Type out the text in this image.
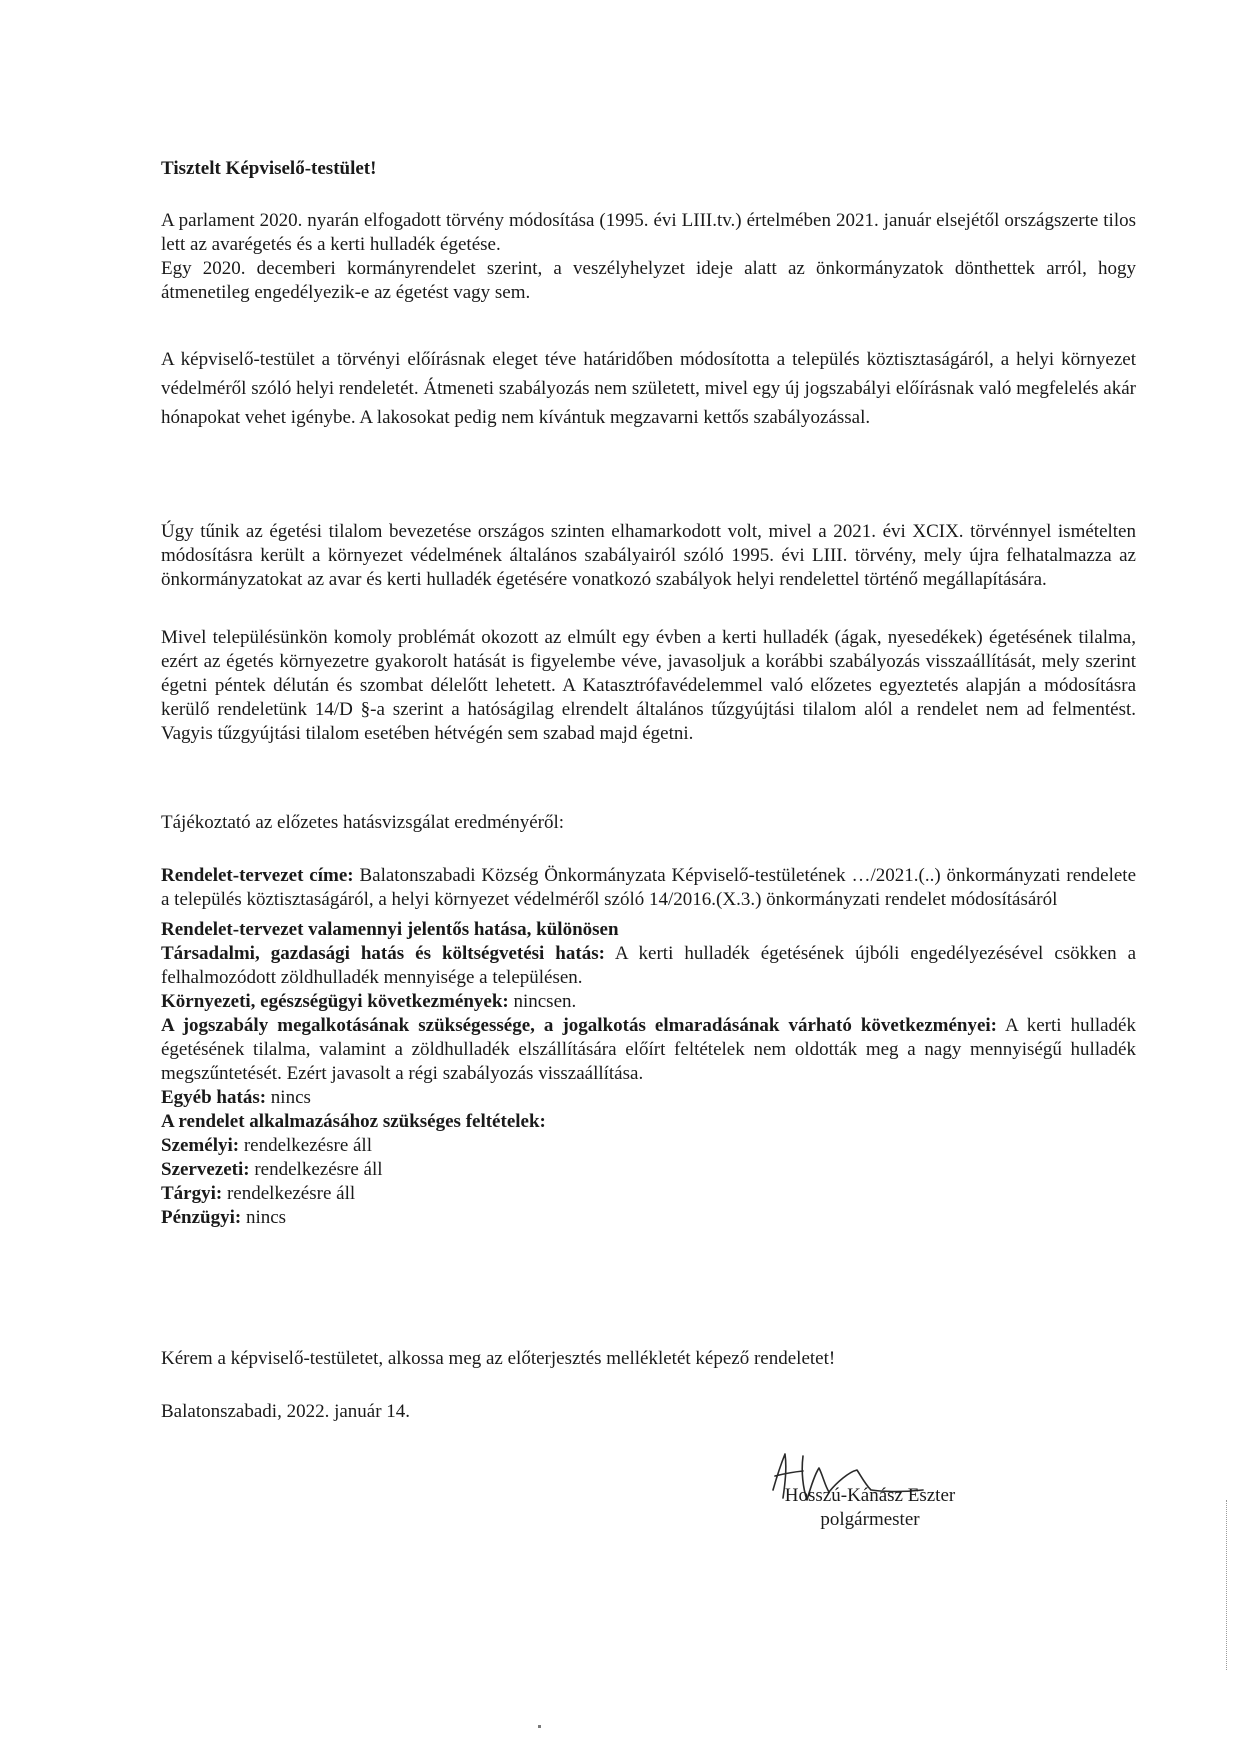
Tisztelt Képviselő-testület!

A parlament 2020. nyarán elfogadott törvény módosítása (1995. évi LIII.tv.) értelmében 2021. január elsejétől országszerte tilos lett az avarégetés és a kerti hulladék égetése.

Egy 2020. decemberi kormányrendelet szerint, a veszélyhelyzet ideje alatt az önkormányzatok dönthettek arról, hogy átmenetileg engedélyezik-e az égetést vagy sem.

A képviselő-testület a törvényi előírásnak eleget téve határidőben módosította a település köztisztaságáról, a helyi környezet védelméről szóló helyi rendeletét. Átmeneti szabályozás nem született, mivel egy új jogszabályi előírásnak való megfelelés akár hónapokat vehet igénybe. A lakosokat pedig nem kívántuk megzavarni kettős szabályozással.

Úgy tűnik az égetési tilalom bevezetése országos szinten elhamarkodott volt, mivel a 2021. évi XCIX. törvénnyel ismételten módosításra került a környezet védelmének általános szabályairól szóló 1995. évi LIII. törvény, mely újra felhatalmazza az önkormányzatokat az avar és kerti hulladék égetésére vonatkozó szabályok helyi rendelettel történő megállapítására.

Mivel településünkön komoly problémát okozott az elmúlt egy évben a kerti hulladék (ágak, nyesedékek) égetésének tilalma, ezért az égetés környezetre gyakorolt hatását is figyelembe véve, javasoljuk a korábbi szabályozás visszaállítását, mely szerint égetni péntek délután és szombat délelőtt lehetett. A Katasztrófavédelemmel való előzetes egyeztetés alapján a módosításra kerülő rendeletünk 14/D §-a szerint a hatóságilag elrendelt általános tűzgyújtási tilalom alól a rendelet nem ad felmentést. Vagyis tűzgyújtási tilalom esetében hétvégén sem szabad majd égetni.

Tájékoztató az előzetes hatásvizsgálat eredményéről:

Rendelet-tervezet címe: Balatonszabadi Község Önkormányzata Képviselő-testületének …/2021.(..) önkormányzati rendelete a település köztisztaságáról, a helyi környezet védelméről szóló 14/2016.(X.3.) önkormányzati rendelet módosításáról

Rendelet-tervezet valamennyi jelentős hatása, különösen

Társadalmi, gazdasági hatás és költségvetési hatás: A kerti hulladék égetésének újbóli engedélyezésével csökken a felhalmozódott zöldhulladék mennyisége a településen.

Környezeti, egészségügyi következmények: nincsen.

A jogszabály megalkotásának szükségessége, a jogalkotás elmaradásának várható következményei: A kerti hulladék égetésének tilalma, valamint a zöldhulladék elszállítására előírt feltételek nem oldották meg a nagy mennyiségű hulladék megszűntetését. Ezért javasolt a régi szabályozás visszaállítása.

Egyéb hatás: nincs

A rendelet alkalmazásához szükséges feltételek:

Személyi: rendelkezésre áll

Szervezeti: rendelkezésre áll

Tárgyi: rendelkezésre áll

Pénzügyi: nincs

Kérem a képviselő-testületet, alkossa meg az előterjesztés mellékletét képező rendeletet!
Balatonszabadi, 2022. január 14.
Hosszú-Kánász Eszter
polgármester
